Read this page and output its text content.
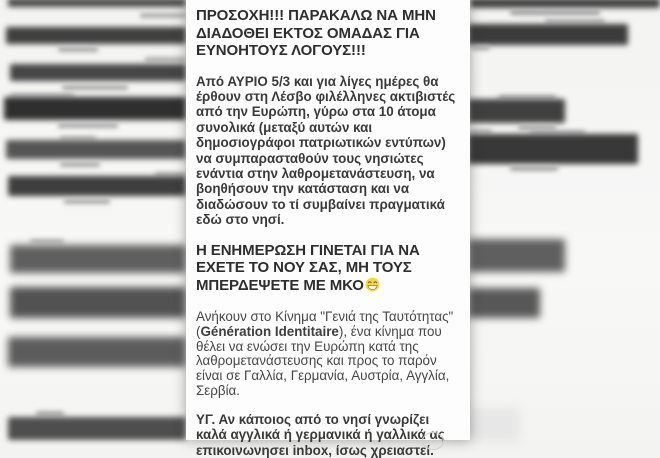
ΠΡΟΣΟΧΗ!!! ΠΑΡΑΚΑΛΩ ΝΑ ΜΗΝ ΔΙΑΔΟΘΕΙ ΕΚΤΟΣ ΟΜΑΔΑΣ ΓΙΑ ΕΥΝΟΗΤΟΥΣ ΛΟΓΟΥΣ!!!

Από ΑΥΡΙΟ 5/3 και για λίγες ημέρες θα έρθουν στη Λέσβο φιλέλληνες ακτιβιστές από την Ευρώπη, γύρω στα 10 άτομα συνολικά (μεταξύ αυτών και δημοσιογράφοι πατριωτικών εντύπων) να συμπαρασταθούν τους νησιώτες ενάντια στην λαθρομετανάστευση, να βοηθήσουν την κατάσταση και να διαδώσουν το τί συμβαίνει πραγματικά εδώ στο νησί.

Η ΕΝΗΜΕΡΩΣΗ ΓΙΝΕΤΑΙ ΓΙΑ ΝΑ ΕΧΕΤΕ ΤΟ ΝΟΥ ΣΑΣ, ΜΗ ΤΟΥΣ ΜΠΕΡΔΕΨΕΤΕ ΜΕ ΜΚΟ

Ανήκουν στο Κίνημα "Γενιά της Ταυτότητας" (Génération Identitaire), ένα κίνημα που θέλει να ενώσει την Ευρώπη κατά της λαθρομετανάστευσης και προς το παρόν είναι σε Γαλλία, Γερμανία, Αυστρία, Αγγλία, Σερβία.

ΥΓ. Αν κάποιος από το νησί γνωρίζει καλά αγγλικά ή γερμανικά ή γαλλικά ας επικοινωνησει inbox, ίσως χρειαστεί.
